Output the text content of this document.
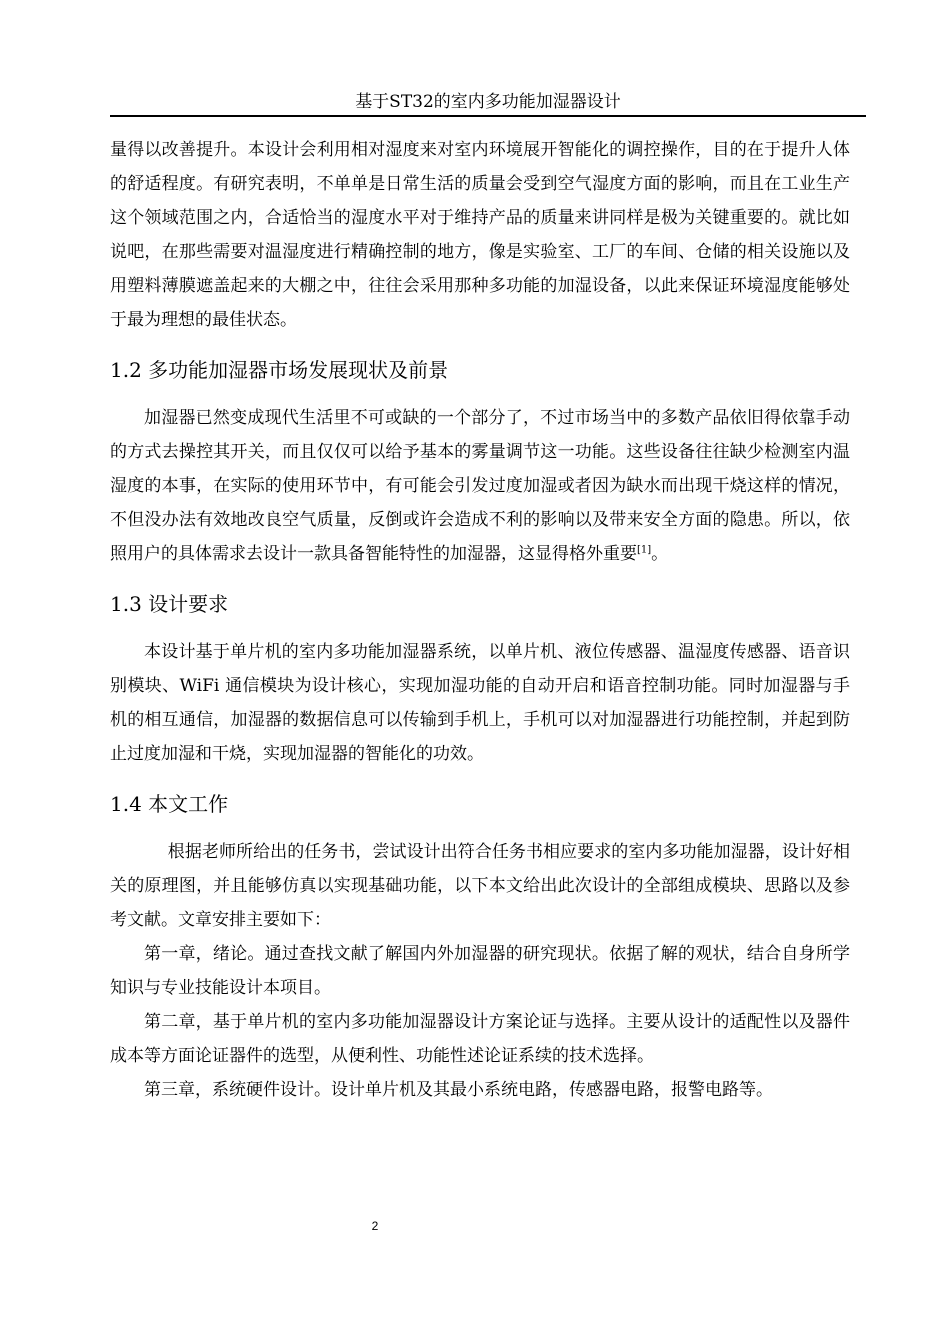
基于ST32的室内多功能加湿器设计

量得以改善提升。本设计会利用相对湿度来对室内环境展开智能化的调控操作，目的在于提升人体的舒适程度。有研究表明，不单单是日常生活的质量会受到空气湿度方面的影响，而且在工业生产这个领域范围之内，合适恰当的湿度水平对于维持产品的质量来讲同样是极为关键重要的。就比如说吧，在那些需要对温湿度进行精确控制的地方，像是实验室、工厂的车间、仓储的相关设施以及用塑料薄膜遮盖起来的大棚之中，往往会采用那种多功能的加湿设备，以此来保证环境湿度能够处于最为理想的最佳状态。

1.2 多功能加湿器市场发展现状及前景

加湿器已然变成现代生活里不可或缺的一个部分了，不过市场当中的多数产品依旧得依靠手动的方式去操控其开关，而且仅仅可以给予基本的雾量调节这一功能。这些设备往往缺少检测室内温湿度的本事，在实际的使用环节中，有可能会引发过度加湿或者因为缺水而出现干烧这样的情况，不但没办法有效地改良空气质量，反倒或许会造成不利的影响以及带来安全方面的隐患。所以，依照用户的具体需求去设计一款具备智能特性的加湿器，这显得格外重要[1]。

1.3 设计要求

本设计基于单片机的室内多功能加湿器系统，以单片机、液位传感器、温湿度传感器、语音识别模块、WiFi 通信模块为设计核心，实现加湿功能的自动开启和语音控制功能。同时加湿器与手机的相互通信，加湿器的数据信息可以传输到手机上，手机可以对加湿器进行功能控制，并起到防止过度加湿和干烧，实现加湿器的智能化的功效。

1.4 本文工作

根据老师所给出的任务书，尝试设计出符合任务书相应要求的室内多功能加湿器，设计好相关的原理图，并且能够仿真以实现基础功能，以下本文给出此次设计的全部组成模块、思路以及参考文献。文章安排主要如下：

第一章，绪论。通过查找文献了解国内外加湿器的研究现状。依据了解的观状，结合自身所学知识与专业技能设计本项目。

第二章，基于单片机的室内多功能加湿器设计方案论证与选择。主要从设计的适配性以及器件成本等方面论证器件的选型，从便利性、功能性述论证系续的技术选择。

第三章，系统硬件设计。设计单片机及其最小系统电路，传感器电路，报警电路等。

2
